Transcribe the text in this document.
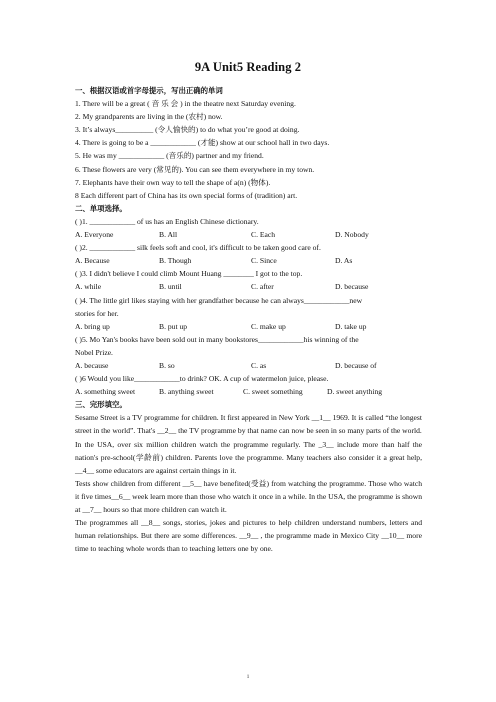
9A Unit5 Reading 2
一、根据汉语或首字母提示，写出正确的单词
1. There will be a great ( 音 乐 会 ) in the theatre next Saturday evening.
2. My grandparents are living in the (农村) now.
3. It’s always__________ (令人愉快的) to do what you’re good at doing.
4. There is going to be a ____________ (才能) show at our school hall in two days.
5. He was my ____________ (音乐的) partner and my friend.
6. These flowers are very (常见的). You can see them everywhere in my town.
7. Elephants have their own way to tell the shape of a(n) (物体).
8 Each different part of China has its own special forms of (tradition) art.
二、单项选择。
( )1. ____________ of us has an English Chinese dictionary.
A. Everyone	B. All	C. Each	D. Nobody
( )2. ____________ silk feels soft and cool, it's difficult to be taken good care of.
A. Because	B. Though	C. Since	D. As
( )3. I didn't believe I could climb Mount Huang ________ I got to the top.
A. while	B. until	C. after	D. because
( )4. The little girl likes staying with her grandfather because he can always____________new
stories for her.
A. bring up	B. put up	C. make up	D. take up
( )5. Mo Yan's books have been sold out in many bookstores____________his winning of the
Nobel Prize.
A. because	B. so	C. as	D. because of
( )6 Would you like____________to drink? OK. A cup of watermelon juice, please.
A. something sweet	B. anything sweet	C. sweet something	D. sweet anything
三、完形填空。
Sesame Street is a TV programme for children. It first appeared in New York __1__ 1969. It is called “the longest street in the world”. That's __2__ the TV programme by that name can now be seen in so many parts of the world.
In the USA, over six million children watch the programme regularly. The _3__ include more than half the nation's pre-school(学龄前) children. Parents love the programme. Many teachers also consider it a great help, __4__ some educators are against certain things in it.
Tests show children from different __5__ have benefited(受益) from watching the programme. Those who watch it five times__6__ week learn more than those who watch it once in a while. In the USA, the programme is shown at __7__ hours so that more children can watch it.
The programmes all __8__ songs, stories, jokes and pictures to help children understand numbers, letters and human relationships. But there are some differences. __9__ , the programme made in Mexico City __10__ more time to teaching whole words than to teaching letters one by one.
1
